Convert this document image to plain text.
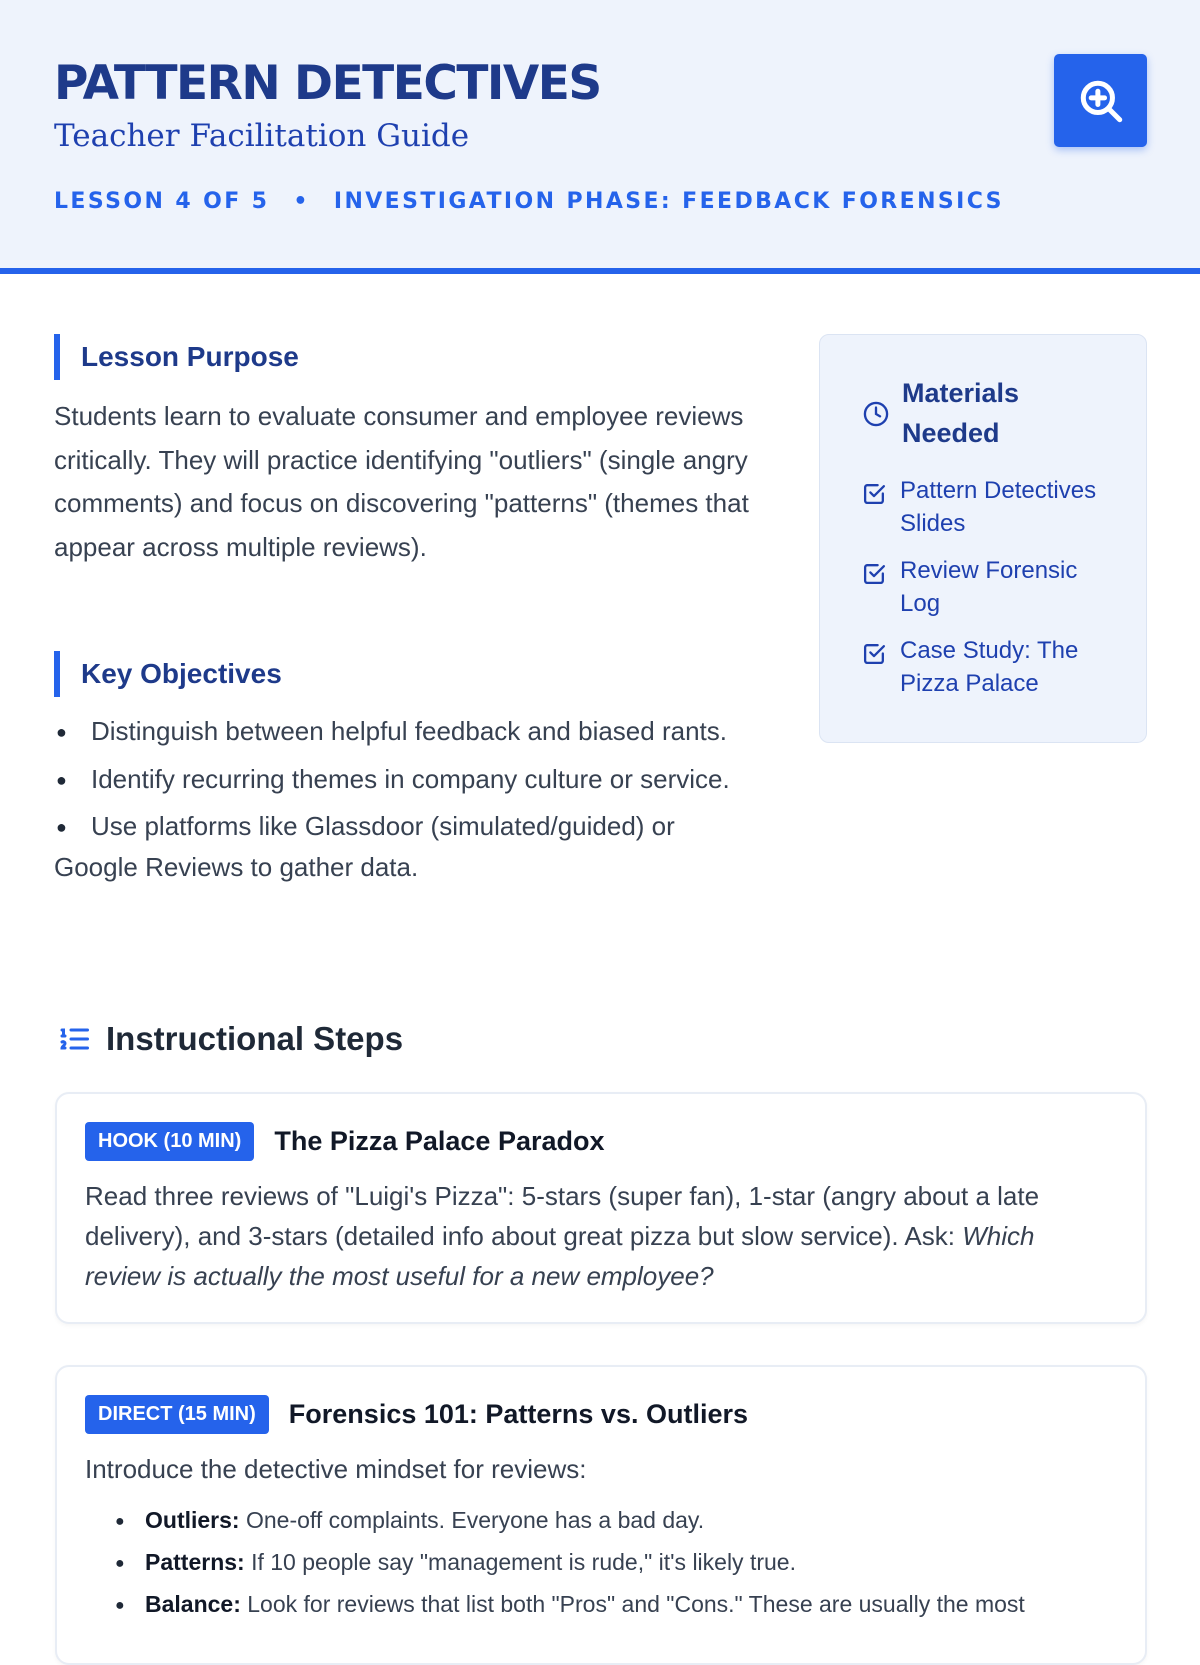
PATTERN DETECTIVES
Teacher Facilitation Guide
LESSON 4 OF 5 • INVESTIGATION PHASE: FEEDBACK FORENSICS
Lesson Purpose

Students learn to evaluate consumer and employee reviews critically. They will practice identifying "outliers" (single angry comments) and focus on discovering "patterns" (themes that appear across multiple reviews).

Key Objectives
● Distinguish between helpful feedback and biased rants.
● Identify recurring themes in company culture or service.
● Use platforms like Glassdoor (simulated/guided) or Google Reviews to gather data.
Materials Needed
Pattern Detectives Slides
Review Forensic Log
Case Study: The Pizza Palace
Instructional Steps
HOOK (10 MIN)	The Pizza Palace Paradox

Read three reviews of "Luigi's Pizza": 5-stars (super fan), 1-star (angry about a late delivery), and 3-stars (detailed info about great pizza but slow service). Ask: Which review is actually the most useful for a new employee?

DIRECT (15 MIN)	Forensics 101: Patterns vs. Outliers

Introduce the detective mindset for reviews:

● Outliers: One-off complaints. Everyone has a bad day.
● Patterns: If 10 people say "management is rude," it's likely true.
● Balance: Look for reviews that list both "Pros" and "Cons." These are usually the most
